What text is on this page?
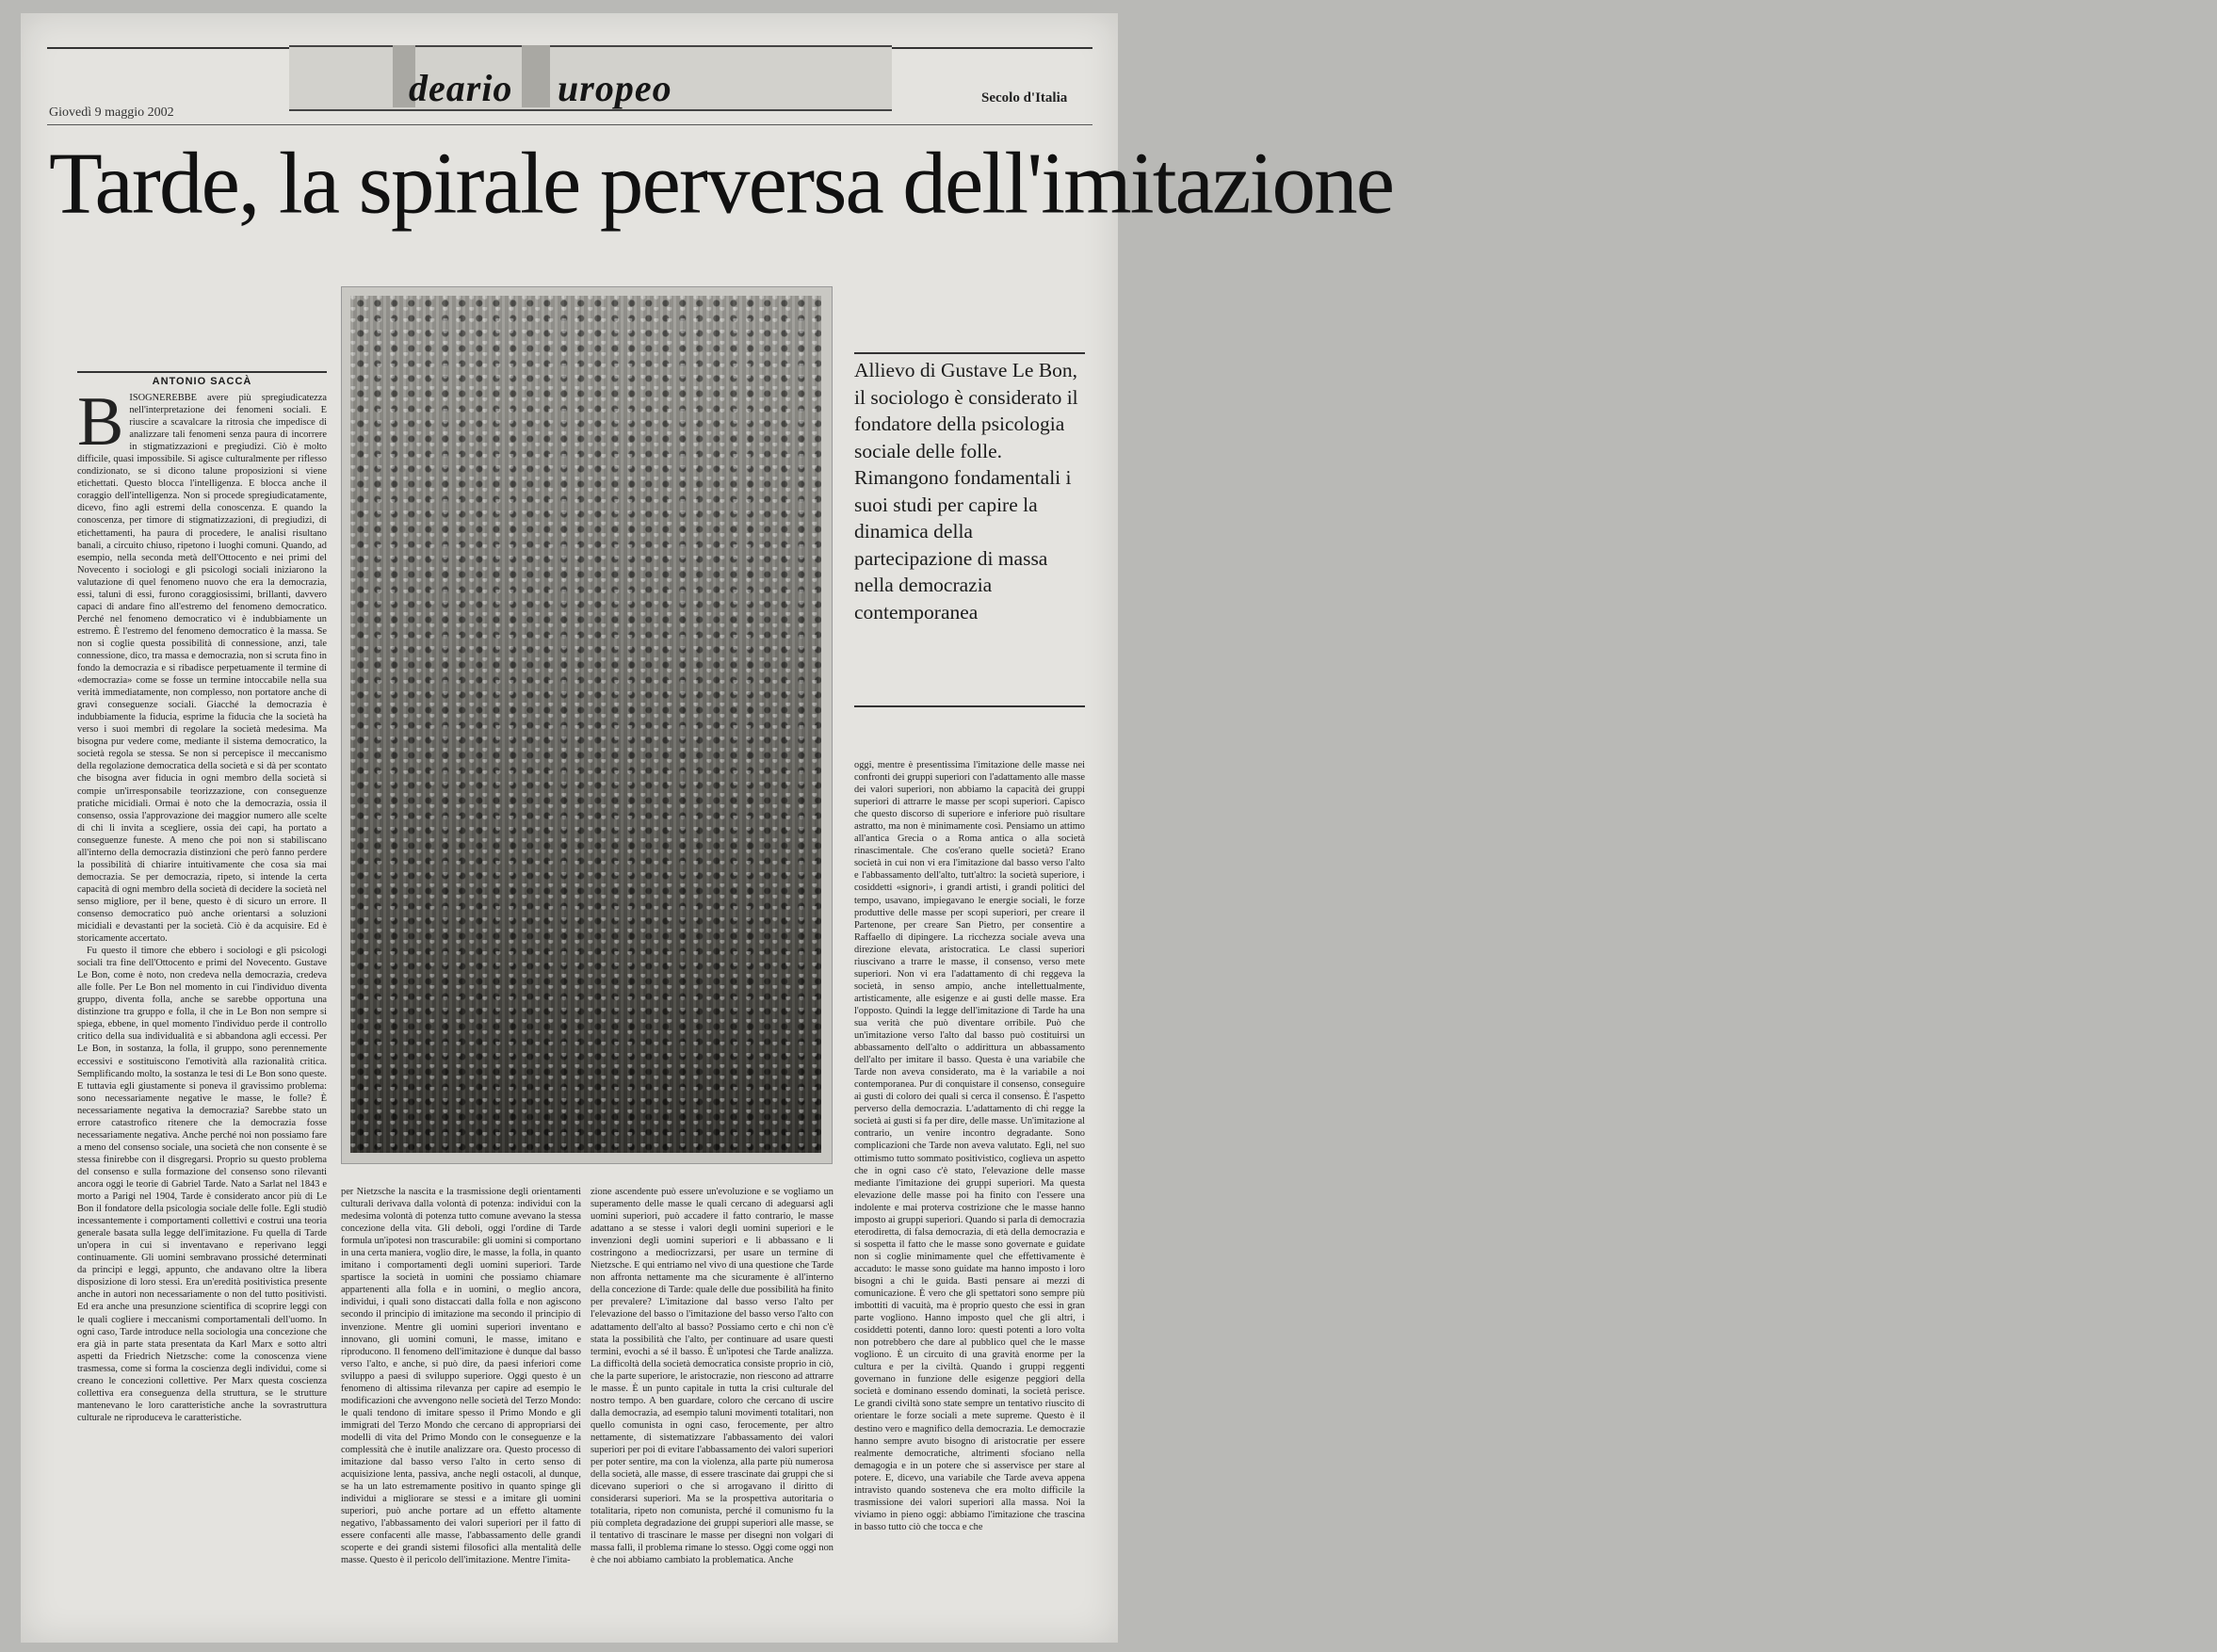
deario uropeo
Giovedì 9 maggio 2002
Secolo d'Italia
Tarde, la spirale perversa dell'imitazione
ANTONIO SACCÀ
B ISOGNEREBBE avere più spregiudicatezza nell'interpretazione dei fenomeni sociali. E riuscire a scavalcare la ritrosia che impedisce di analizzare tali fenomeni senza paura di incorrere in stigmatizzazioni e pregiudizi. Ciò è molto difficile, quasi impossibile. Si agisce culturalmente per riflesso condizionato, se si dicono talune proposizioni si viene etichettati. Questo blocca l'intelligenza. E blocca anche il coraggio dell'intelligenza. Non si procede spregiudicatamente, dicevo, fino agli estremi della conoscenza. E quando la conoscenza, per timore di stigmatizzazioni, di pregiudizi, di etichettamenti, ha paura di procedere, le analisi risultano banali, a circuito chiuso, ripetono i luoghi comuni. Quando, ad esempio, nella seconda metà dell'Ottocento e nei primi del Novecento i sociologi e gli psicologi sociali iniziarono la valutazione di quel fenomeno nuovo che era la democrazia, essi, taluni di essi, furono coraggiosissimi, brillanti, davvero capaci di andare fino all'estremo del fenomeno democratico. Perché nel fenomeno democratico vi è indubbiamente un estremo. È l'estremo del fenomeno democratico è la massa. Se non si coglie questa possibilità di connessione, anzi, tale connessione, dico, tra massa e democrazia, non si scruta fino in fondo la democrazia e si ribadisce perpetuamente il termine di «democrazia» come se fosse un termine intoccabile nella sua verità immediatamente, non complesso, non portatore anche di gravi conseguenze sociali. Giacché la democrazia è indubbiamente la fiducia, esprime la fiducia che la società ha verso i suoi membri di regolare la società medesima. Ma bisogna pur vedere come, mediante il sistema democratico, la società regola se stessa. Se non si percepisce il meccanismo della regolazione democratica della società e si dà per scontato che bisogna aver fiducia in ogni membro della società si compie un'irresponsabile teorizzazione, con conseguenze pratiche micidiali. Ormai è noto che la democrazia, ossia il consenso, ossia l'approvazione dei maggior numero alle scelte di chi li invita a scegliere, ossia dei capi, ha portato a conseguenze funeste. A meno che poi non si stabiliscano all'interno della democrazia distinzioni che però fanno perdere la possibilità di chiarire intuitivamente che cosa sia mai democrazia. Se per democrazia, ripeto, si intende la certa capacità di ogni membro della società di decidere la società nel senso migliore, per il bene, questo è di sicuro un errore. Il consenso democratico può anche orientarsi a soluzioni micidiali e devastanti per la società. Ciò è da acquisire. Ed è storicamente accertato.

Fu questo il timore che ebbero i sociologi e gli psicologi sociali tra fine dell'Ottocento e primi del Novecento. Gustave Le Bon, come è noto, non credeva nella democrazia, credeva alle folle. Per Le Bon nel momento in cui l'individuo diventa gruppo, diventa folla, anche se sarebbe opportuna una distinzione tra gruppo e folla, il che in Le Bon non sempre si spiega, ebbene, in quel momento l'individuo perde il controllo critico della sua individualità e si abbandona agli eccessi. Per Le Bon, in sostanza, la folla, il gruppo, sono perennemente eccessivi e sostituiscono l'emotività alla razionalità critica. Semplificando molto, la sostanza le tesi di Le Bon sono queste. E tuttavia egli giustamente si poneva il gravissimo problema: sono necessariamente negative le masse, le folle? È necessariamente negativa la democrazia? Sarebbe stato un errore catastrofico ritenere che la democrazia fosse necessariamente negativa. Anche perché noi non possiamo fare a meno del consenso sociale, una società che non consente è se stessa finirebbe con il disgregarsi. Proprio su questo problema del consenso e sulla formazione del consenso sono rilevanti ancora oggi le teorie di Gabriel Tarde. Nato a Sarlat nel 1843 e morto a Parigi nel 1904, Tarde è considerato ancor più di Le Bon il fondatore della psicologia sociale delle folle. Egli studiò incessantemente i comportamenti collettivi e costruì una teoria generale basata sulla legge dell'imitazione. Fu quella di Tarde un'opera in cui si inventavano e reperivano leggi continuamente. Gli uomini sembravano prossiché determinati da principi e leggi, appunto, che andavano oltre la libera disposizione di loro stessi. Era un'eredità positivistica presente anche in autori non necessariamente o non del tutto positivisti. Ed era anche una presunzione scientifica di scoprire leggi con le quali cogliere i meccanismi comportamentali dell'uomo. In ogni caso, Tarde introduce nella sociologia una concezione che era già in parte stata presentata da Karl Marx e sotto altri aspetti da Friedrich Nietzsche: come la conoscenza viene trasmessa, come si forma la coscienza degli individui, come si creano le concezioni collettive. Per Marx questa coscienza collettiva era conseguenza della struttura, se le strutture mantenevano le loro caratteristiche anche la sovrastruttura culturale ne riproduceva le caratteristiche.

per Nietzsche la nascita e la trasmissione degli orientamenti culturali derivava dalla volontà di potenza: individui con la medesima volontà di potenza tutto comune avevano la stessa concezione della vita. Gli deboli, oggi l'ordine di Tarde formula un'ipotesi non trascurabile: gli uomini si comportano in una certa maniera, voglio dire, le masse, la folla, in quanto imitano i comportamenti degli uomini superiori. Tarde spartisce la società in uomini che possiamo chiamare appartenenti alla folla e in uomini, o meglio ancora, individui, i quali sono distaccati dalla folla e non agiscono secondo il principio di imitazione ma secondo il principio di invenzione. Mentre gli uomini superiori inventano e innovano, gli uomini comuni, le masse, imitano e riproducono. Il fenomeno dell'imitazione è dunque dal basso verso l'alto, e anche, si può dire, da paesi inferiori come sviluppo a paesi di sviluppo superiore. Oggi questo è un fenomeno di altissima rilevanza per capire ad esempio le modificazioni che avvengono nelle società del Terzo Mondo: le quali tendono di imitare spesso il Primo Mondo e gli immigrati del Terzo Mondo che cercano di appropriarsi dei modelli di vita del Primo Mondo con le conseguenze e la complessità che è inutile analizzare ora. Questo processo di imitazione dal basso verso l'alto in certo senso di acquisizione lenta, passiva, anche negli ostacoli, al dunque, se ha un lato estremamente positivo in quanto spinge gli individui a migliorare se stessi e a imitare gli uomini superiori, può anche portare ad un effetto altamente negativo, l'abbassamento dei valori superiori per il fatto di essere confacenti alle masse, l'abbassamento delle grandi scoperte e dei grandi sistemi filosofici alla mentalità delle masse. Questo è il pericolo dell'imitazione. Mentre l'imita-

zione ascendente può essere un'evoluzione e se vogliamo un superamento delle masse le quali cercano di adeguarsi agli uomini superiori, può accadere il fatto contrario, le masse adattano a se stesse i valori degli uomini superiori e le invenzioni degli uomini superiori e li abbassano e li costringono a mediocrizzarsi, per usare un termine di Nietzsche. E qui entriamo nel vivo di una questione che Tarde non affronta nettamente ma che sicuramente è all'interno della concezione di Tarde: quale delle due possibilità ha finito per prevalere? L'imitazione dal basso verso l'alto per l'elevazione del basso o l'imitazione del basso verso l'alto con adattamento dell'alto al basso? Possiamo certo e chi non c'è stata la possibilità che l'alto, per continuare ad usare questi termini, evochi a sé il basso. È un'ipotesi che Tarde analizza. La difficoltà della società democratica consiste proprio in ciò, che la parte superiore, le aristocrazie, non riescono ad attrarre le masse. È un punto capitale in tutta la crisi culturale del nostro tempo. A ben guardare, coloro che cercano di uscire dalla democrazia, ad esempio taluni movimenti totalitari, non quello comunista in ogni caso, ferocemente, per altro nettamente, di sistematizzare l'abbassamento dei valori superiori per poi di evitare l'abbassamento dei valori superiori per poter sentire, ma con la violenza, alla parte più numerosa della società, alle masse, di essere trascinate dai gruppi che si dicevano superiori o che si arrogavano il diritto di considerarsi superiori. Ma se la prospettiva autoritaria o totalitaria, ripeto non comunista, perché il comunismo fu la più completa degradazione dei gruppi superiori alle masse, se il tentativo di trascinare le masse per disegni non volgari di massa fallì, il problema rimane lo stesso. Oggi come oggi non è che noi abbiamo cambiato la problematica. Anche

Allievo di Gustave Le Bon, il sociologo è considerato il fondatore della psicologia sociale delle folle. Rimangono fondamentali i suoi studi per capire la dinamica della partecipazione di massa nella democrazia contemporanea

oggi, mentre è presentissima l'imitazione delle masse nei confronti dei gruppi superiori con l'adattamento alle masse dei valori superiori, non abbiamo la capacità dei gruppi superiori di attrarre le masse per scopi superiori. Capisco che questo discorso di superiore e inferiore può risultare astratto, ma non è minimamente così. Pensiamo un attimo all'antica Grecia o a Roma antica o alla società rinascimentale. Che cos'erano quelle società? Erano società in cui non vi era l'imitazione dal basso verso l'alto e l'abbassamento dell'alto, tutt'altro: la società superiore, i cosiddetti «signori», i grandi artisti, i grandi politici del tempo, usavano, impiegavano le energie sociali, le forze produttive delle masse per scopi superiori, per creare il Partenone, per creare San Pietro, per consentire a Raffaello di dipingere. La ricchezza sociale aveva una direzione elevata, aristocratica. Le classi superiori riuscivano a trarre le masse, il consenso, verso mete superiori. Non vi era l'adattamento di chi reggeva la società, in senso ampio, anche intellettualmente, artisticamente, alle esigenze e ai gusti delle masse. Era l'opposto. Quindi la legge dell'imitazione di Tarde ha una sua verità che può diventare orribile. Può che un'imitazione verso l'alto dal basso può costituirsi un abbassamento dell'alto o addirittura un abbassamento dell'alto per imitare il basso. Questa è una variabile che Tarde non aveva considerato, ma è la variabile a noi contemporanea. Pur di conquistare il consenso, conseguire ai gusti di coloro dei quali si cerca il consenso. È l'aspetto perverso della democrazia. L'adattamento di chi regge la società ai gusti si fa per dire, delle masse. Un'imitazione al contrario, un venire incontro degradante. Sono complicazioni che Tarde non aveva valutato. Egli, nel suo ottimismo tutto sommato positivistico, coglieva un aspetto che in ogni caso c'è stato, l'elevazione delle masse mediante l'imitazione dei gruppi superiori. Ma questa elevazione delle masse poi ha finito con l'essere una indolente e mai proterva costrizione che le masse hanno imposto ai gruppi superiori. Quando si parla di democrazia eterodiretta, di falsa democrazia, di età della democrazia e si sospetta il fatto che le masse sono governate e guidate non si coglie minimamente quel che effettivamente è accaduto: le masse sono guidate ma hanno imposto i loro bisogni a chi le guida. Basti pensare ai mezzi di comunicazione. È vero che gli spettatori sono sempre più imbottiti di vacuità, ma è proprio questo che essi in gran parte vogliono. Hanno imposto quel che gli altri, i cosiddetti potenti, danno loro: questi potenti a loro volta non potrebbero che dare al pubblico quel che le masse vogliono. È un circuito di una gravità enorme per la cultura e per la civiltà. Quando i gruppi reggenti governano in funzione delle esigenze peggiori della società e dominano essendo dominati, la società perisce. Le grandi civiltà sono state sempre un tentativo riuscito di orientare le forze sociali a mete supreme. Questo è il destino vero e magnifico della democrazia. Le democrazie hanno sempre avuto bisogno di aristocratie per essere realmente democratiche, altrimenti sfociano nella demagogia e in un potere che si asservisce per stare al potere. E, dicevo, una variabile che Tarde aveva appena intravisto quando sosteneva che era molto difficile la trasmissione dei valori superiori alla massa. Noi la viviamo in pieno oggi: abbiamo l'imitazione che trascina in basso tutto ciò che tocca e che
